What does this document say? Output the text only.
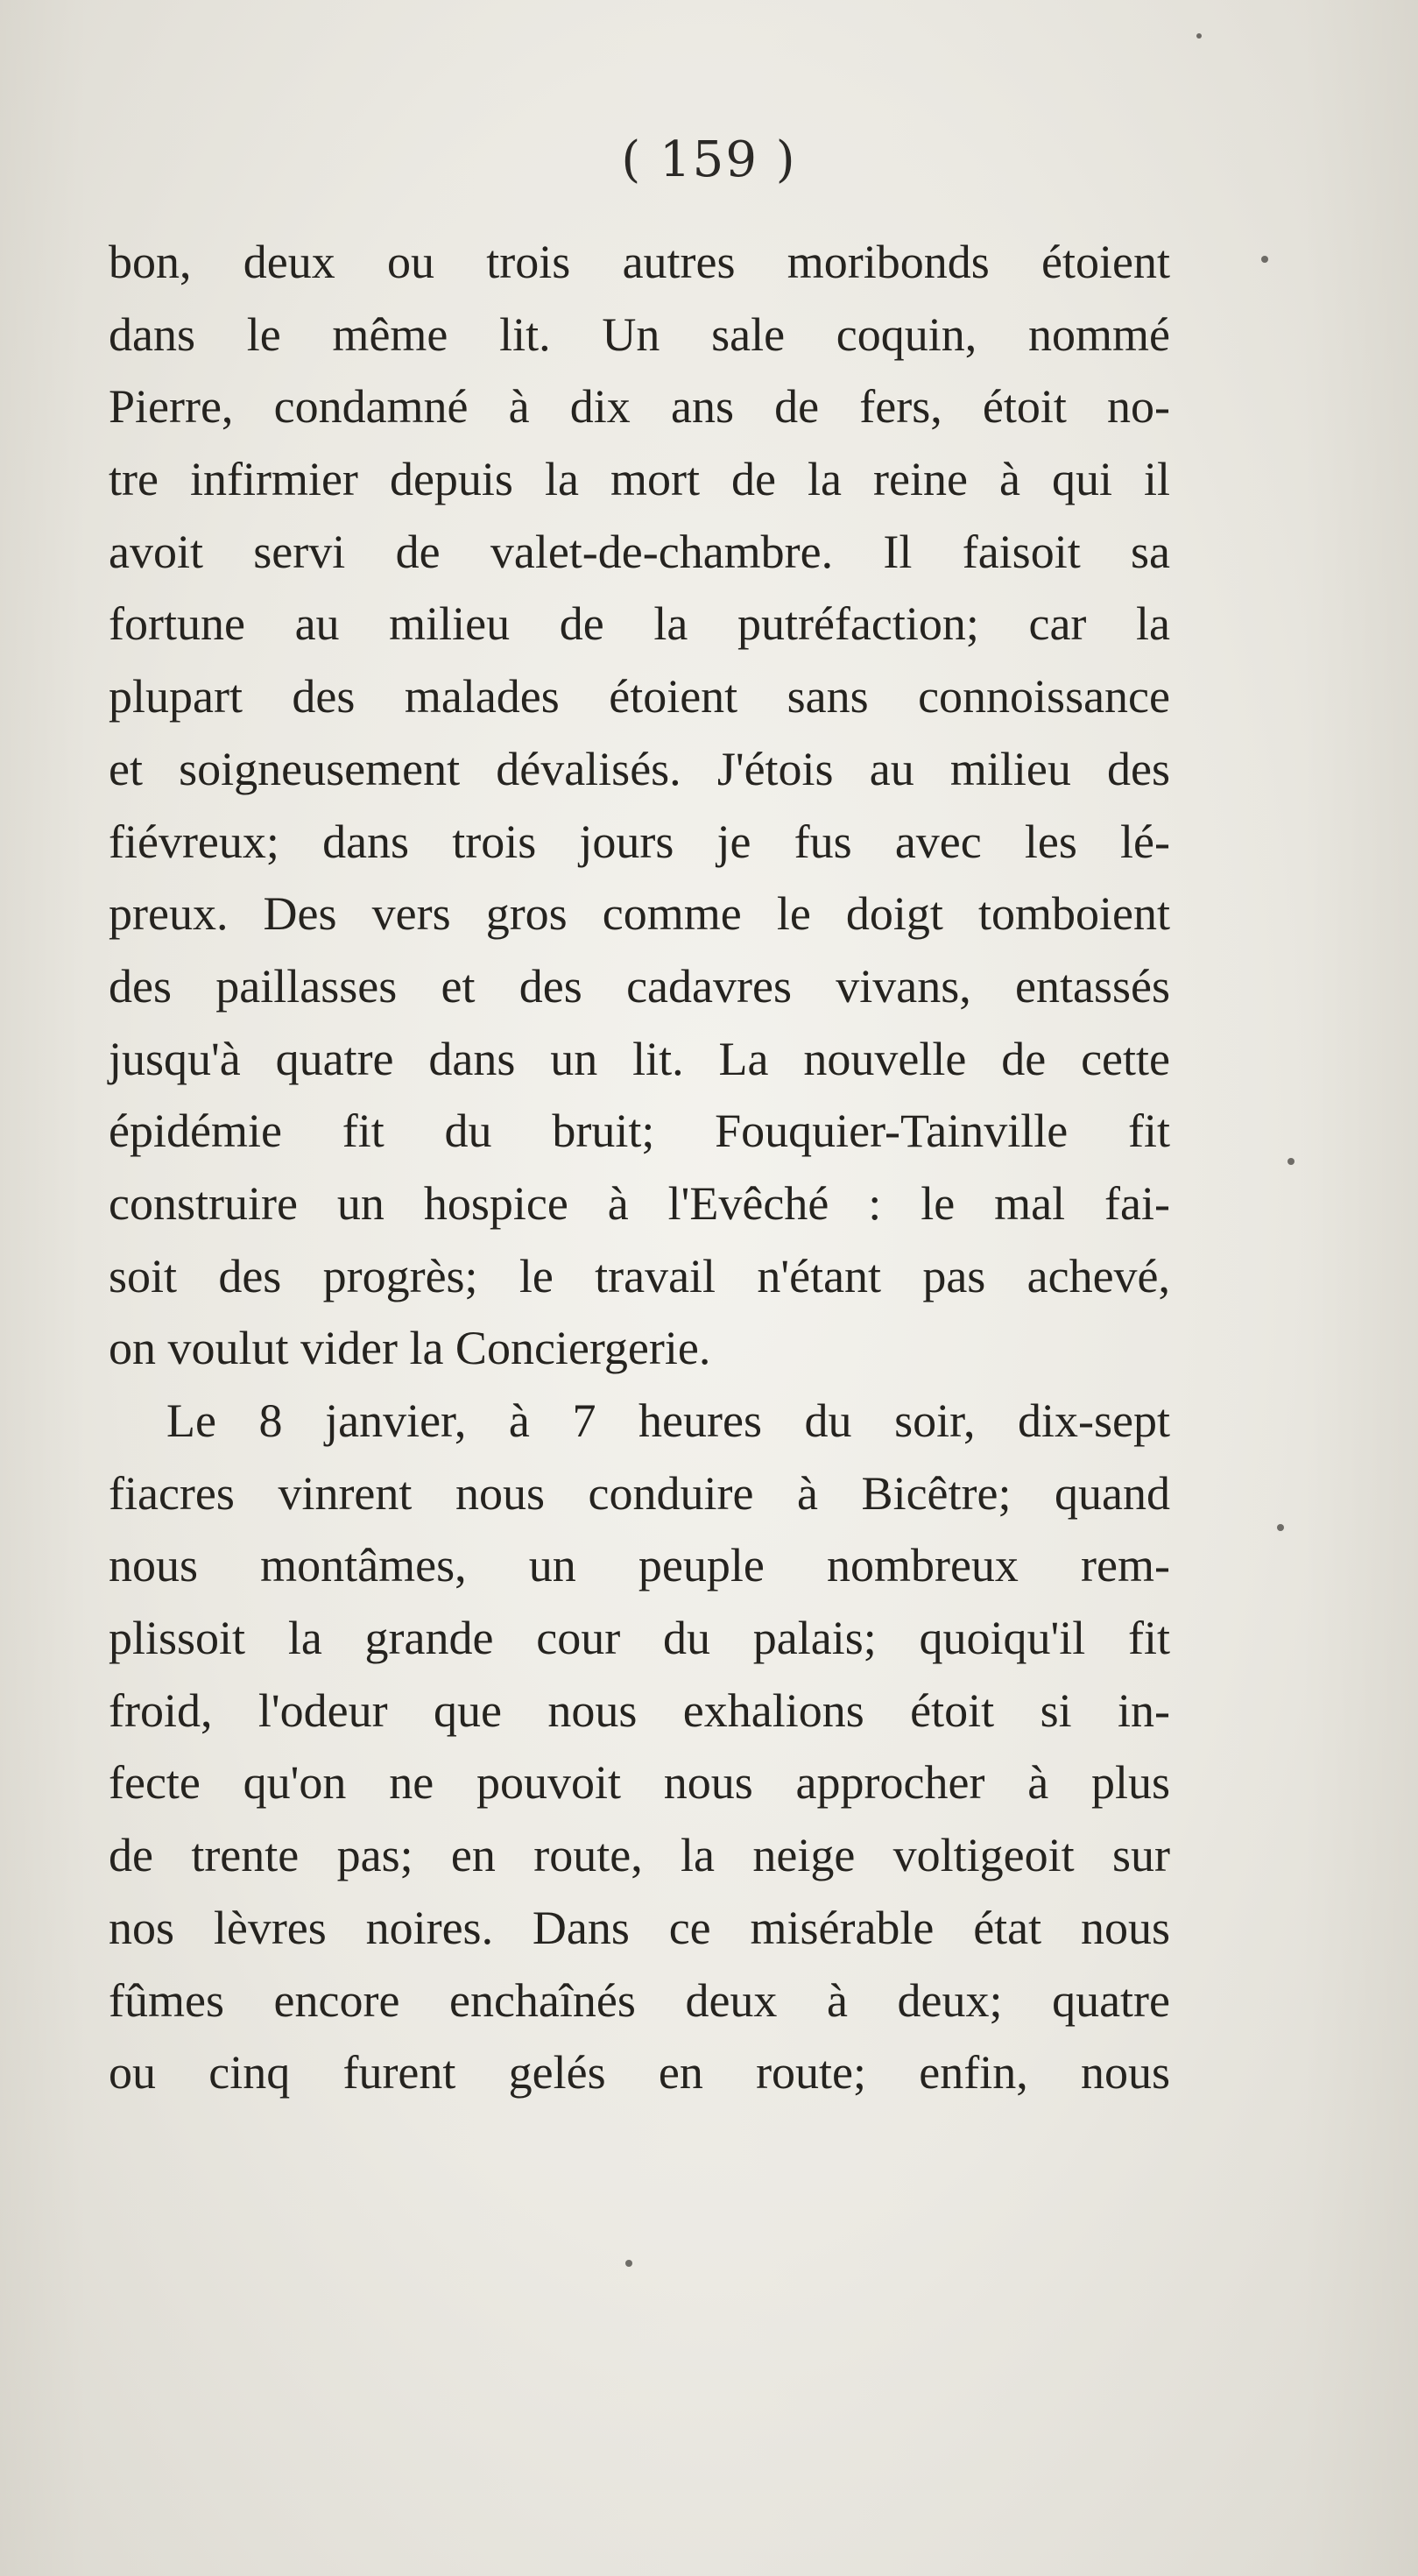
( 159 )
bon, deux ou trois autres moribonds étoient
dans le même lit. Un sale coquin, nommé
Pierre, condamné à dix ans de fers, étoit no-
tre infirmier depuis la mort de la reine à qui il
avoit servi de valet-de-chambre. Il faisoit sa
fortune au milieu de la putréfaction; car la
plupart des malades étoient sans connoissance
et soigneusement dévalisés. J'étois au milieu des
fiévreux; dans trois jours je fus avec les lé-
preux. Des vers gros comme le doigt tomboient
des paillasses et des cadavres vivans, entassés
jusqu'à quatre dans un lit. La nouvelle de cette
épidémie fit du bruit; Fouquier-Tainville fit
construire un hospice à l'Evêché : le mal fai-
soit des progrès; le travail n'étant pas achevé,
on voulut vider la Conciergerie.
Le 8 janvier, à 7 heures du soir, dix-sept
fiacres vinrent nous conduire à Bicêtre; quand
nous montâmes, un peuple nombreux rem-
plissoit la grande cour du palais; quoiqu'il fit
froid, l'odeur que nous exhalions étoit si in-
fecte qu'on ne pouvoit nous approcher à plus
de trente pas; en route, la neige voltigeoit sur
nos lèvres noires. Dans ce misérable état nous
fûmes encore enchaînés deux à deux; quatre
ou cinq furent gelés en route; enfin, nous
